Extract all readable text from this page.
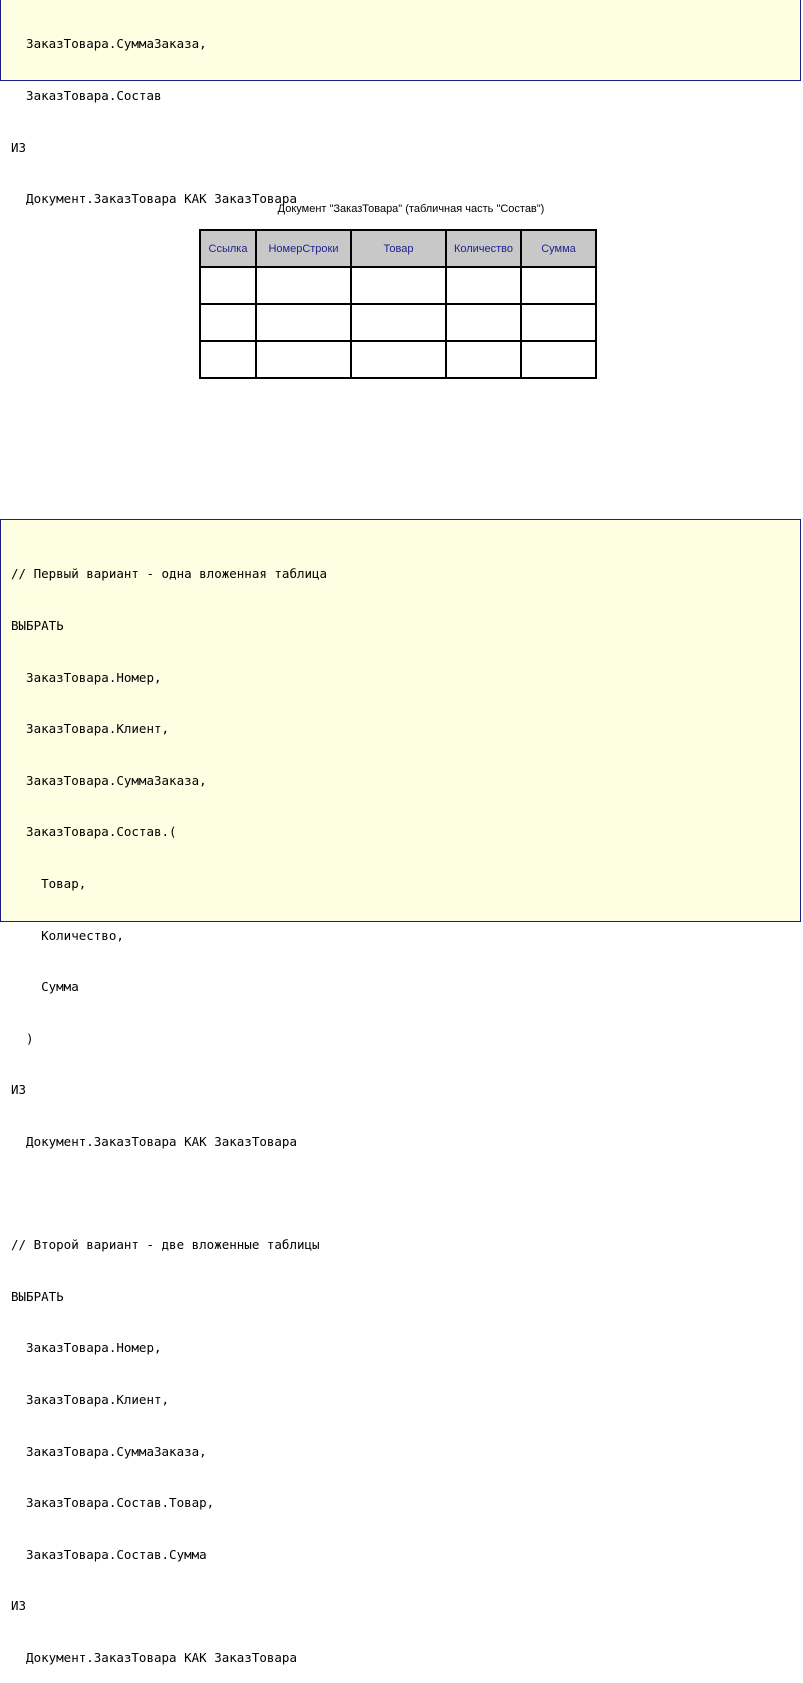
ЗаказТовара.СуммаЗаказа,

ЗаказТовара.Состав

ИЗ

Документ.ЗаказТовара КАК ЗаказТовара

Документ "ЗаказТовара" (табличная часть "Состав")
Ссылка	НомерСтроки	Товар	Количество	Сумма

// Первый вариант - одна вложенная таблица

ВЫБРАТЬ

ЗаказТовара.Номер,

ЗаказТовара.Клиент,

ЗаказТовара.СуммаЗаказа,

ЗаказТовара.Состав.(

Товар,

Количество,

Сумма

)

ИЗ

Документ.ЗаказТовара КАК ЗаказТовара

// Второй вариант - две вложенные таблицы

ВЫБРАТЬ

ЗаказТовара.Номер,

ЗаказТовара.Клиент,

ЗаказТовара.СуммаЗаказа,

ЗаказТовара.Состав.Товар,

ЗаказТовара.Состав.Сумма

ИЗ

Документ.ЗаказТовара КАК ЗаказТовара
